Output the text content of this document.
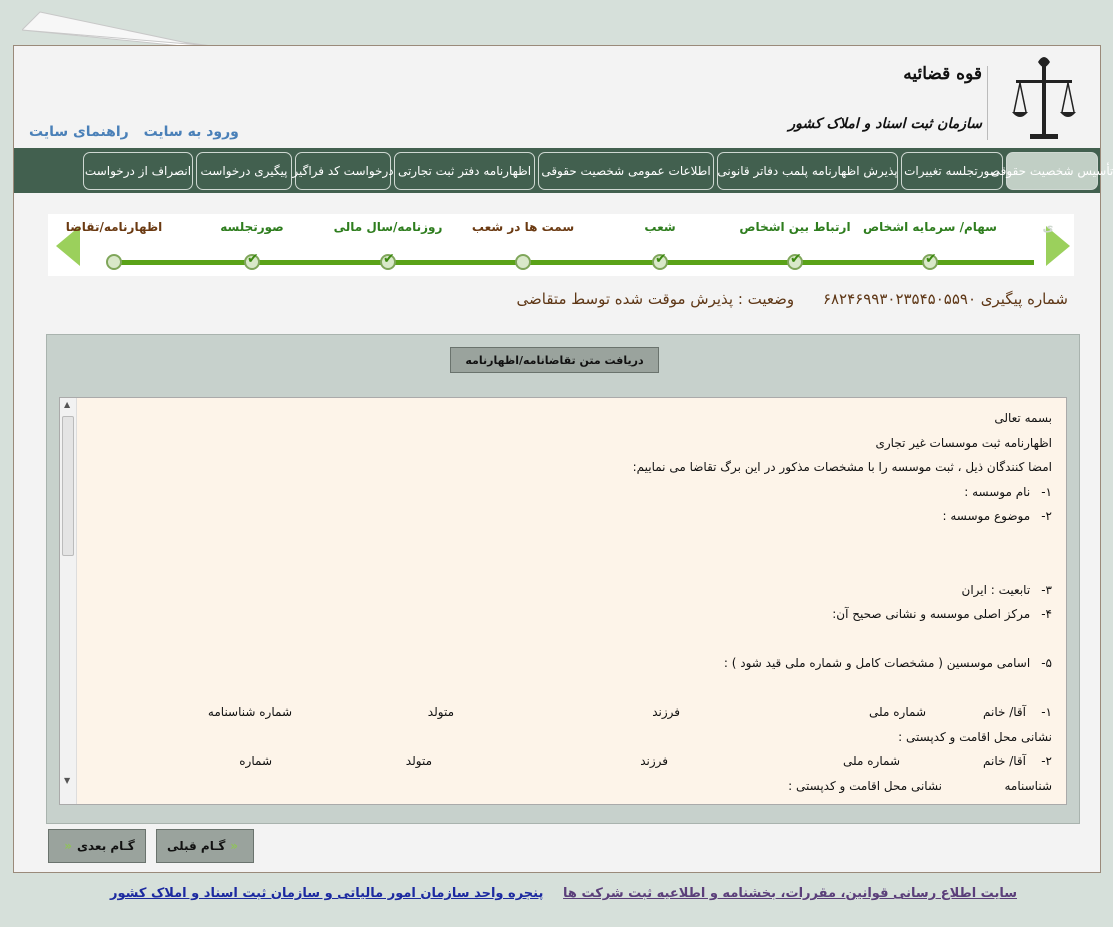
قوه قضائیه
سازمان ثبت اسناد و املاک کشور
ورود به سایت راهنمای سایت
تأسیس شخصیت حقوقی
صورتجلسه تغییرات
پذیرش اظهارنامه پلمب دفاتر قانونی
اطلاعات عمومی شخصیت حقوقی
اظهارنامه دفتر ثبت تجارتی
درخواست کد فراگیر
پیگیری درخواست
انصراف از درخواست
ی
سهام/ سرمایه اشخاص
✔
ارتباط بین اشخاص
✔
شعب
✔
سمت ها در شعب
روزنامه/سال مالی
✔
صورتجلسه
✔
اظهارنامه/تقاضا
شماره پیگیری ۶۸۲۴۶۹۹۳۰۲۳۵۴۵۰۵۵۹۰ وضعیت : پذیرش موقت شده توسط متقاضی
دریافت متن تقاضانامه/اظهارنامه
▲
▼
بسمه تعالی
اظهارنامه ثبت موسسات غیر تجاری
امضا کنندگان ذیل ، ثبت موسسه را با مشخصات مذکور در این برگ تقاضا می نماییم:
۱- نام موسسه :
۲- موضوع موسسه :
۳- تابعیت : ایران
۴- مرکز اصلی موسسه و نشانی صحیح آن:
۵- اسامی موسسین ( مشخصات کامل و شماره ملی قید شود ) :
۱-
آقا/ خانم
شماره ملی
فرزند
متولد
شماره شناسنامه
نشانی محل اقامت و کدپستی :
۲-
آقا/ خانم
شماره ملی
فرزند
متولد
شماره
شناسنامه
نشانی محل اقامت و کدپستی :
«
گـام قبلی
گـام بعدی
«
سایت اطلاع رسانی قوانین، مقررات، بخشنامه و اطلاعیه ثبت شرکت ها
پنجره واحد سازمان امور مالیاتی و سازمان ثبت اسناد و املاک کشور
